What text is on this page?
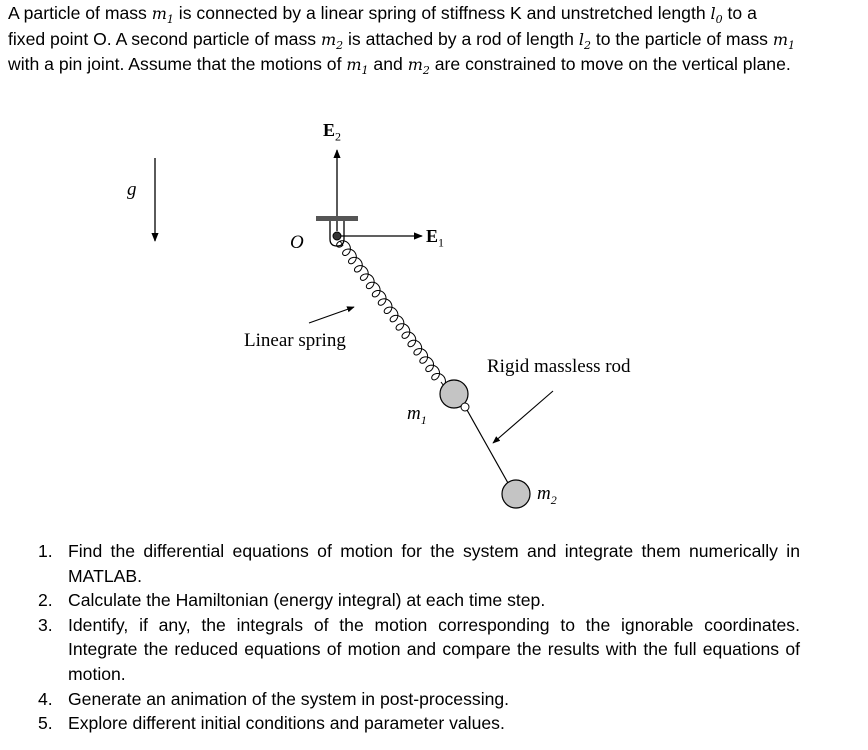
A particle of mass $m_1$ is connected by a linear spring of stiffness K and unstretched length $l_0$ to a fixed point O. A second particle of mass $m_2$ is attached by a rod of length $l_2$ to the particle of mass $m_1$ with a pin joint. Assume that the motions of $m_1$ and $m_2$ are constrained to move on the vertical plane.
g
O
$E_2$
$E_1$
Linear spring
Rigid massless rod
$m_1$
$m_2$
1. Find the differential equations of motion for the system and integrate them numerically in MATLAB.
2. Calculate the Hamiltonian (energy integral) at each time step.
3. Identify, if any, the integrals of the motion corresponding to the ignorable coordinates. Integrate the reduced equations of motion and compare the results with the full equations of motion.
4. Generate an animation of the system in post-processing.
5. Explore different initial conditions and parameter values.
